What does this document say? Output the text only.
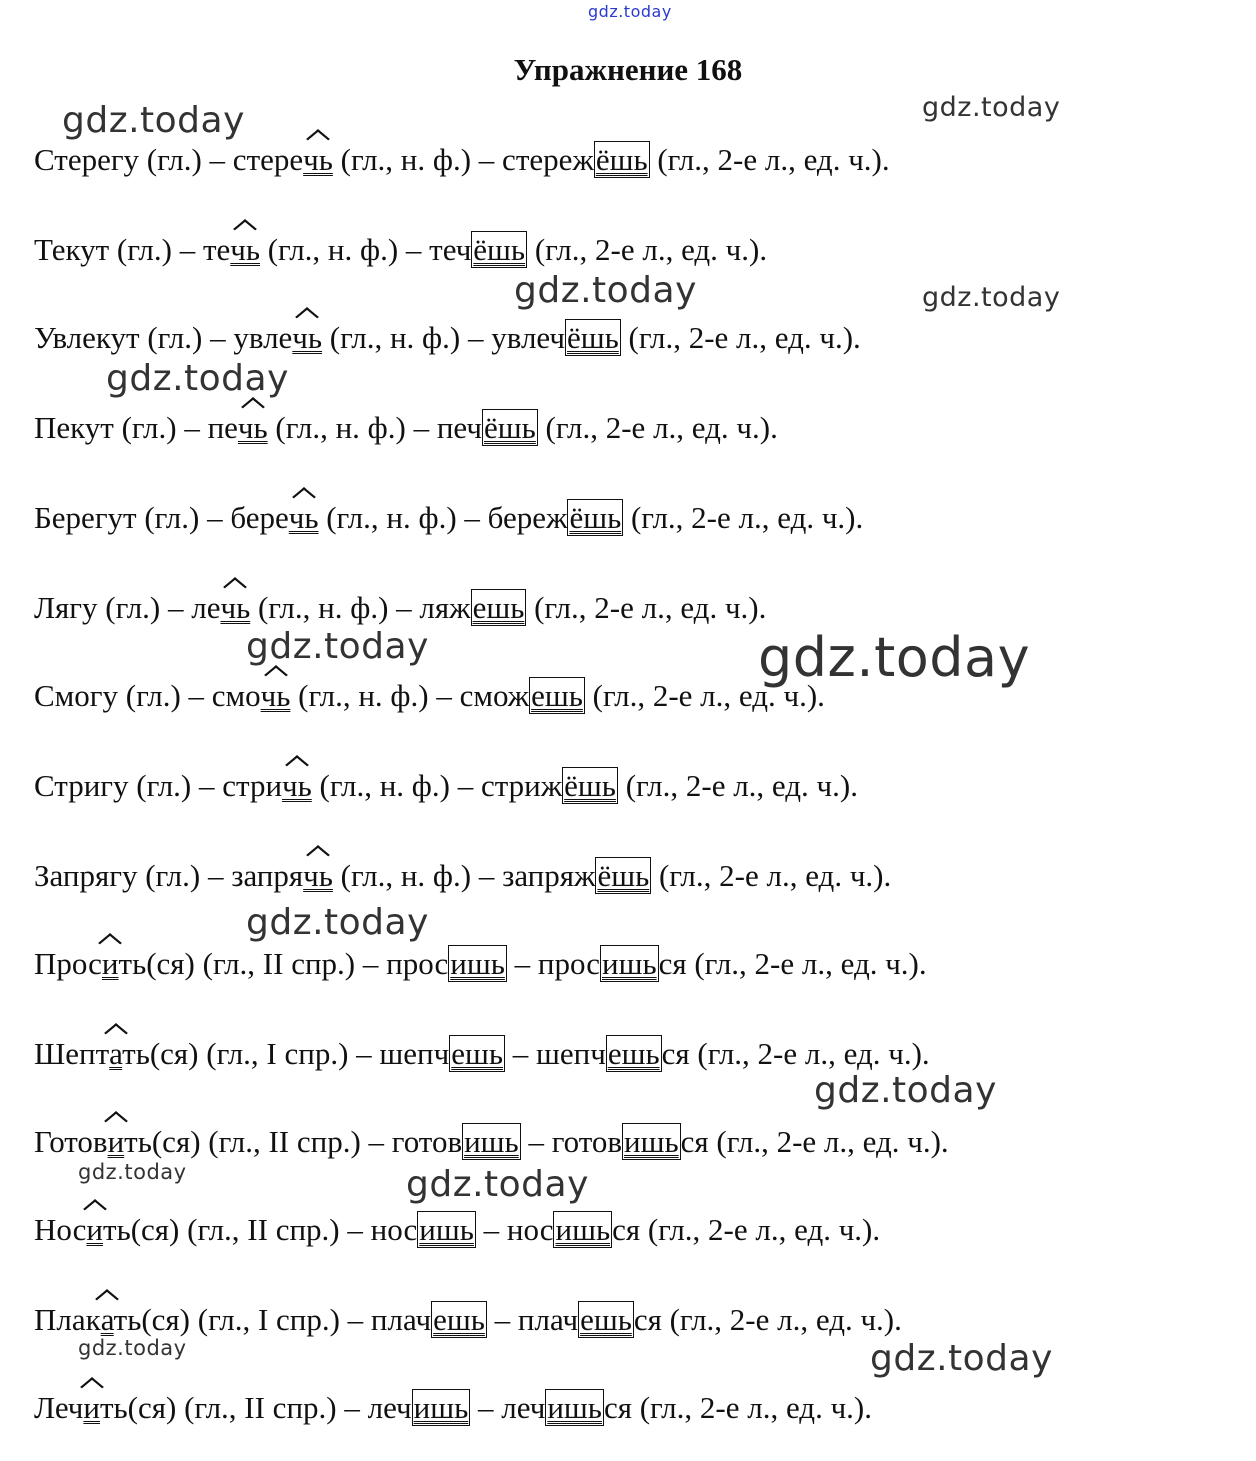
gdz.today
Упражнение 168
Стерегу (гл.) – стеречь (гл., н. ф.) – стережёшь (гл., 2-е л., ед. ч.).
Текут (гл.) – течь (гл., н. ф.) – течёшь (гл., 2-е л., ед. ч.).
Увлекут (гл.) – увлечь (гл., н. ф.) – увлечёшь (гл., 2-е л., ед. ч.).
Пекут (гл.) – печь (гл., н. ф.) – печёшь (гл., 2-е л., ед. ч.).
Берегут (гл.) – беречь (гл., н. ф.) – бережёшь (гл., 2-е л., ед. ч.).
Лягу (гл.) – лечь (гл., н. ф.) – ляжешь (гл., 2-е л., ед. ч.).
Смогу (гл.) – смочь (гл., н. ф.) – сможешь (гл., 2-е л., ед. ч.).
Стригу (гл.) – стричь (гл., н. ф.) – стрижёшь (гл., 2-е л., ед. ч.).
Запрягу (гл.) – запрячь (гл., н. ф.) – запряжёшь (гл., 2-е л., ед. ч.).
Просить(ся) (гл., II спр.) – просишь – просишься (гл., 2-е л., ед. ч.).
Шептать(ся) (гл., I спр.) – шепчешь – шепчешься (гл., 2-е л., ед. ч.).
Готовить(ся) (гл., II спр.) – готовишь – готовишься (гл., 2-е л., ед. ч.).
Носить(ся) (гл., II спр.) – носишь – носишься (гл., 2-е л., ед. ч.).
Плакать(ся) (гл., I спр.) – плачешь – плачешься (гл., 2-е л., ед. ч.).
Лечить(ся) (гл., II спр.) – лечишь – лечишься (гл., 2-е л., ед. ч.).
gdz.today	gdz.today
gdz.today	gdz.today
gdz.today
gdz.today	gdz.today
gdz.today
gdz.today
gdz.today	gdz.today
gdz.today	gdz.today
